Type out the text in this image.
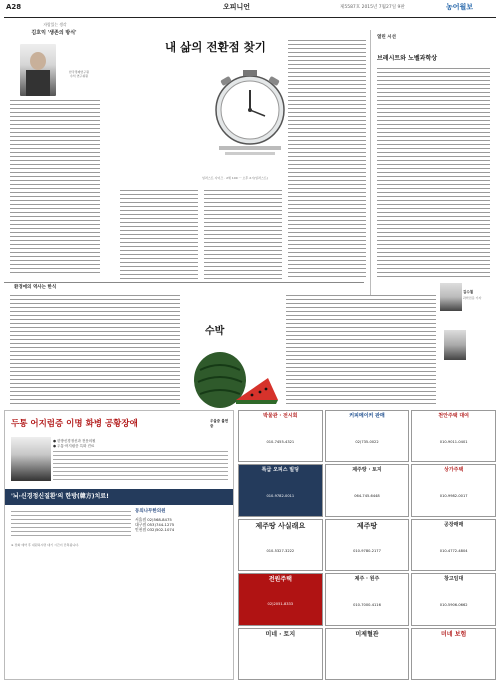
A28	오피니언	제5587호 2015년 7월27일 9판	농어월보
자랑있는 생각
김호익 '생존의 방식'
한국경제연구원
수석 연구위원
내 삶의 전환점 찾기
일러스트 사이즈 · 2세 100 ㅡ 오후 2시(일러스트)
열린 시선
브레시트와 노벨과학상
김수철
과학전문 기자
환경에의 역사는 한식
수박
두통 어지럼증 이명 화병 공황장애	우울증 불면증
● 한방신경정신과 전문의원
● 두통·어지럼증 특화 진료
'뇌·신경정신질환'의 한방(韓方)치료!
동의나무한의원
서울점 02)568-8475
대구점 053)744-1275
인천점 032)502-1074
※ 전화 예약 후 내원하시면 대기 시간이 단축됩니다.
박물관 · 전시회
010-7455-4321
커피메이커 판매
02)735-0022
천안주택 대여
010-9011-0401
특급 오피스 빌딩
010-9782-0011
제주땅 · 토지
064-745-6448
상가주택
010-9982-0017
제주땅 사실래요
010-5327-3222
제주땅
010-9780-2177
공장매매
010-4772-4804
전원주택
02)2051-8333
제주 · 원주
010-7000-4116
창고임대
010-5906-0662
미네 · 토지	미제혈관	미네 보험
